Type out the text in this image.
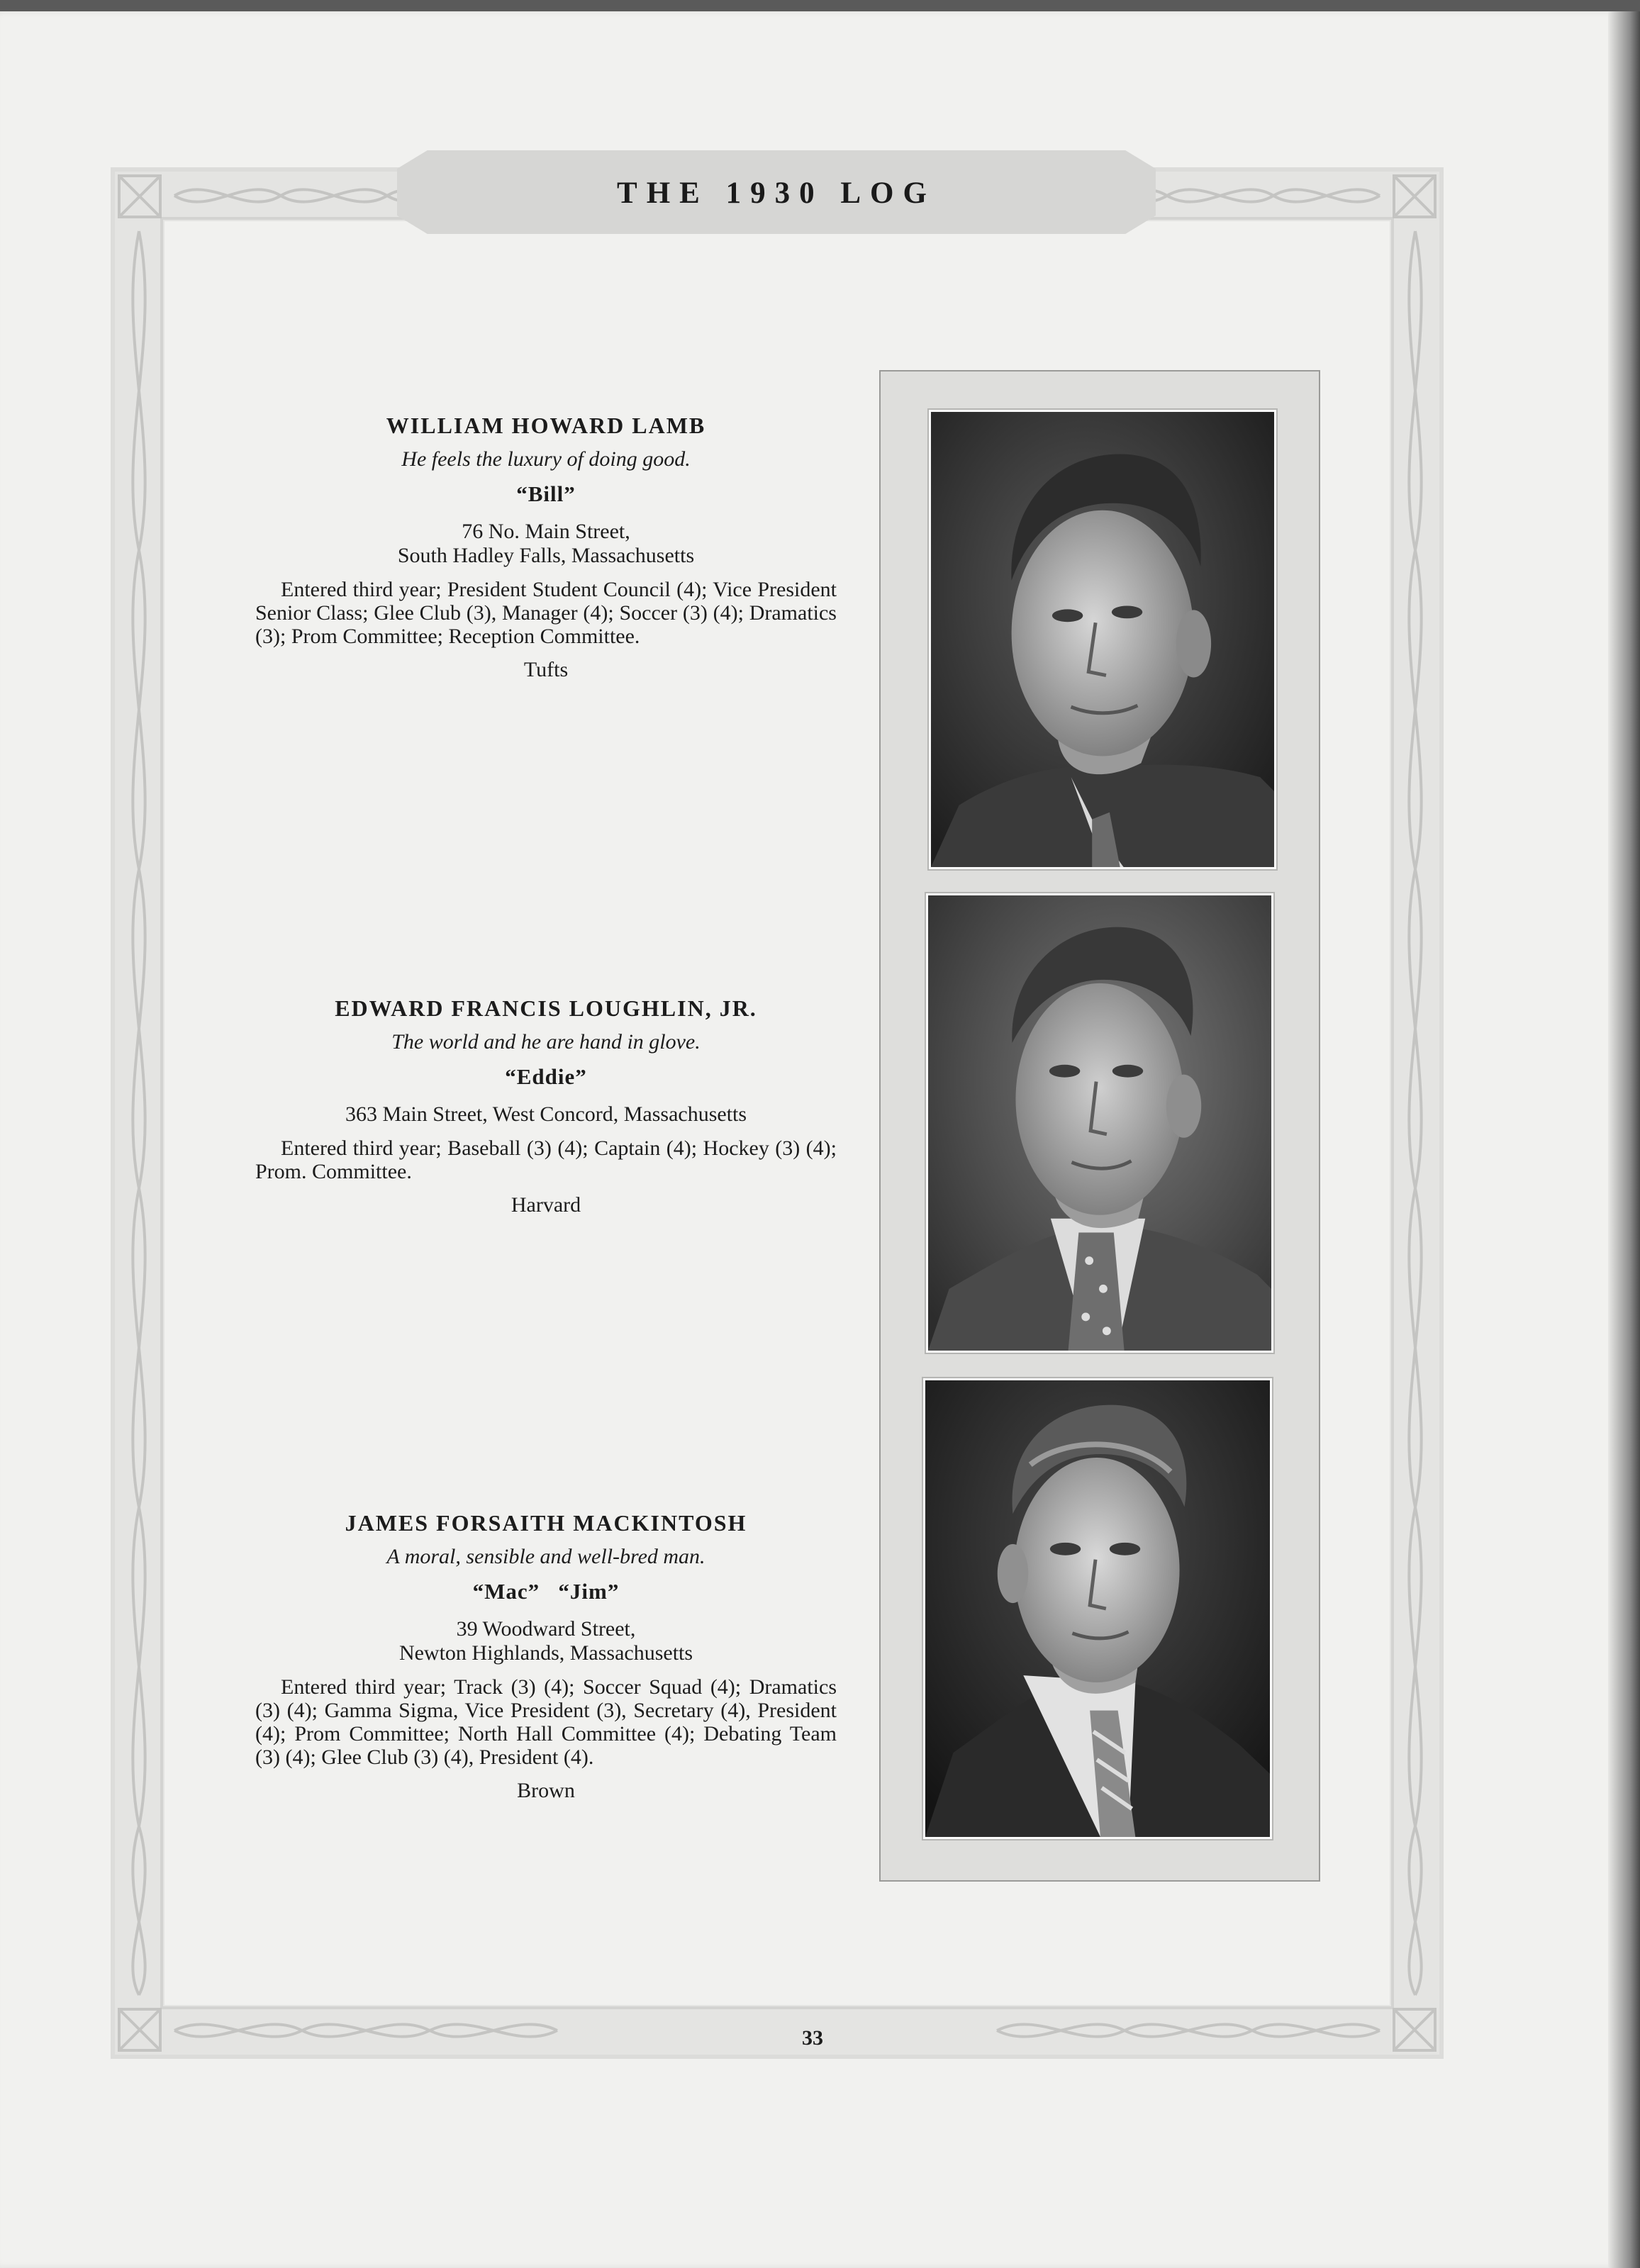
THE 1930 LOG

WILLIAM HOWARD LAMB

He feels the luxury of doing good.

“Bill”

76 No. Main Street,
South Hadley Falls, Massachusetts

Entered third year; President Student Council (4); Vice President Senior Class; Glee Club (3), Manager (4); Soccer (3) (4); Dramatics (3); Prom Committee; Reception Committee.

Tufts

EDWARD FRANCIS LOUGHLIN, JR.

The world and he are hand in glove.

“Eddie”

363 Main Street, West Concord, Massachusetts

Entered third year; Baseball (3) (4); Captain (4); Hockey (3) (4); Prom. Committee.

Harvard

JAMES FORSAITH MACKINTOSH

A moral, sensible and well-bred man.

“Mac”   “Jim”

39 Woodward Street,
Newton Highlands, Massachusetts

Entered third year; Track (3) (4); Soccer Squad (4); Dramatics (3) (4); Gamma Sigma, Vice President (3), Secretary (4), President (4); Prom Committee; North Hall Committee (4); Debating Team (3) (4); Glee Club (3) (4), President (4).

Brown

33
